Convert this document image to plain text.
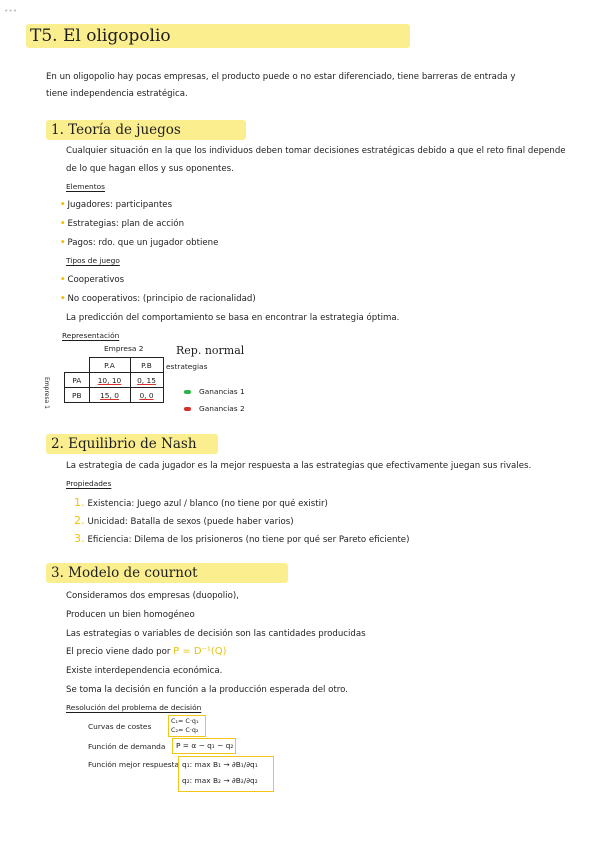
•••
T5. El oligopolio
En un oligopolio hay pocas empresas, el producto puede o no estar diferenciado, tiene barreras de entrada y
tiene independencia estratégica.
1. Teoría de juegos
Cualquier situación en la que los individuos deben tomar decisiones estratégicas debido a que el reto final depende
de lo que hagan ellos y sus oponentes.
Elementos
• Jugadores: participantes
• Estrategias: plan de acción
• Pagos: rdo. que un jugador obtiene
Tipos de juego
• Cooperativos
• No cooperativos: (principio de racionalidad)
La predicción del comportamiento se basa en encontrar la estrategia óptima.
Representación
Empresa 2	Rep. normal
estrategias
Empresa 1
	P.A	P.B
PA	10, 10	0, 15
PB	15, 0	0, 0	Ganancias 1
Ganancias 2
2. Equilibrio de Nash
La estrategia de cada jugador es la mejor respuesta a las estrategias que efectivamente juegan sus rivales.
Propiedades
1. Existencia: Juego azul / blanco (no tiene por qué existir)
2. Unicidad: Batalla de sexos (puede haber varios)
3. Eficiencia: Dilema de los prisioneros (no tiene por qué ser Pareto eficiente)
3. Modelo de cournot
Consideramos dos empresas (duopolio),
Producen un bien homogéneo
Las estrategias o variables de decisión son las cantidades producidas
El precio viene dado por P = D⁻¹(Q)
Existe interdependencia económica.
Se toma la decisión en función a la producción esperada del otro.
Resolución del problema de decisión
Curvas de costes
C₁= C·q₁
C₂= C·q₂
Función de demanda P = α − q₁ − q₂
Función mejor respuesta q₁: max B₁ → ∂B₁/∂q₁
q₂: max B₂ → ∂B₂/∂q₂
